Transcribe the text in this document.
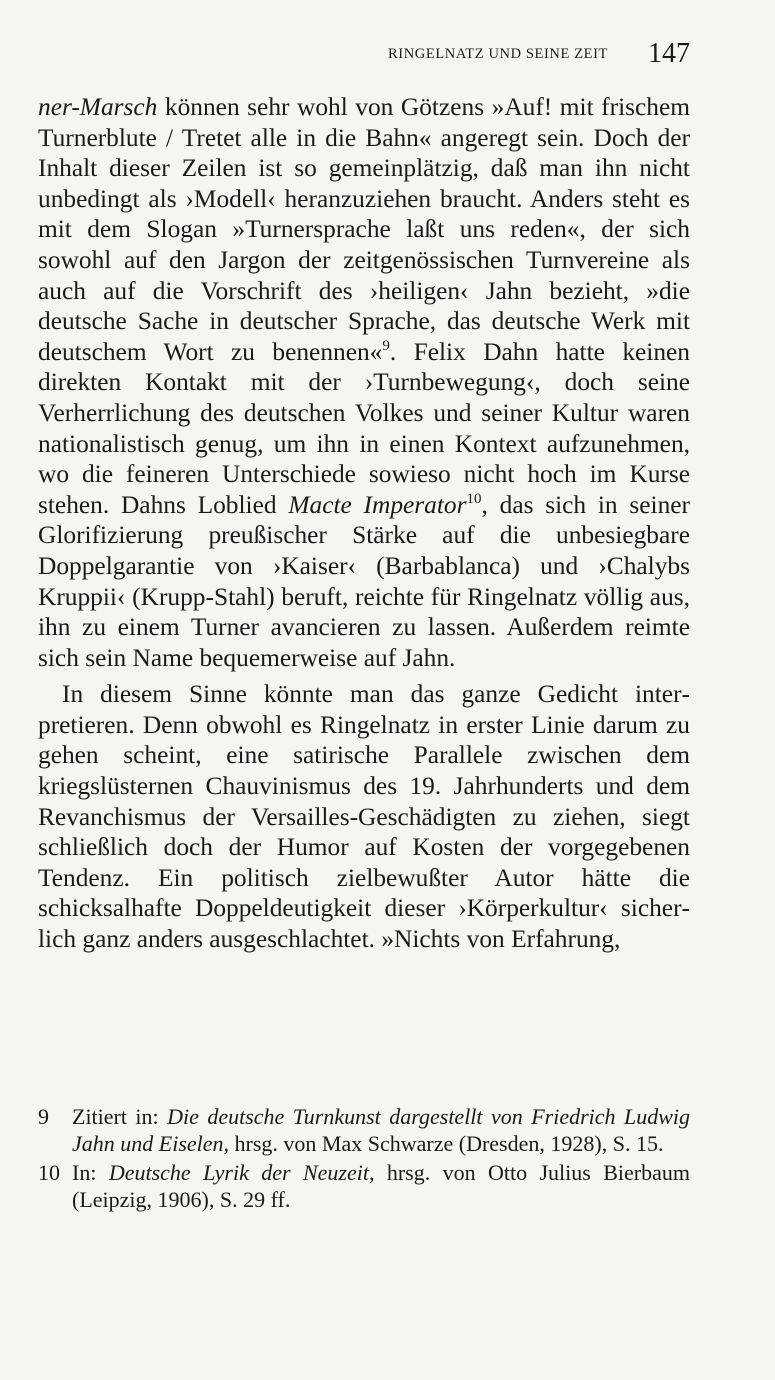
RINGELNATZ UND SEINE ZEIT 147

ner-Marsch können sehr wohl von Götzens »Auf! mit frischem Turnerblute / Tretet alle in die Bahn« angeregt sein. Doch der Inhalt dieser Zeilen ist so gemeinplätzig, daß man ihn nicht unbedingt als ›Modell‹ heranzuziehen braucht. Anders steht es mit dem Slogan »Turnersprache laßt uns reden«, der sich sowohl auf den Jargon der zeitgenössischen Turnvereine als auch auf die Vorschrift des ›heiligen‹ Jahn bezieht, »die deutsche Sache in deutscher Sprache, das deutsche Werk mit deutschem Wort zu benennen«$^9$. Felix Dahn hatte keinen direkten Kontakt mit der ›Turnbewegung‹, doch seine Verherrlichung des deutschen Volkes und seiner Kultur waren nationalistisch genug, um ihn in einen Kontext aufzunehmen, wo die feineren Unterschiede sowieso nicht hoch im Kurse stehen. Dahns Loblied Macte Imperator$^{10}$, das sich in seiner Glorifizierung preußischer Stärke auf die unbesiegbare Doppelgarantie von ›Kaiser‹ (Barbablanca) und ›Chalybs Kruppii‹ (Krupp-Stahl) beruft, reichte für Ringelnatz völlig aus, ihn zu einem Turner avancieren zu lassen. Außerdem reimte sich sein Name bequemerweise auf Jahn.

In diesem Sinne könnte man das ganze Gedicht interpretieren. Denn obwohl es Ringelnatz in erster Linie darum zu gehen scheint, eine satirische Parallele zwischen dem kriegslüsternen Chauvinismus des 19. Jahrhunderts und dem Revanchismus der Versailles-Geschädigten zu ziehen, siegt schließlich doch der Humor auf Kosten der vorgegebenen Tendenz. Ein politisch zielbewußter Autor hätte die schicksalhafte Doppeldeutigkeit dieser ›Körperkultur‹ sicherlich ganz anders ausgeschlachtet. »Nichts von Erfahrung,

9	Zitiert in: Die deutsche Turnkunst dargestellt von Friedrich Ludwig Jahn und Eiselen, hrsg. von Max Schwarze (Dresden, 1928), S. 15.
10 In: Deutsche Lyrik der Neuzeit, hrsg. von Otto Julius Bierbaum (Leipzig, 1906), S. 29 ff.
